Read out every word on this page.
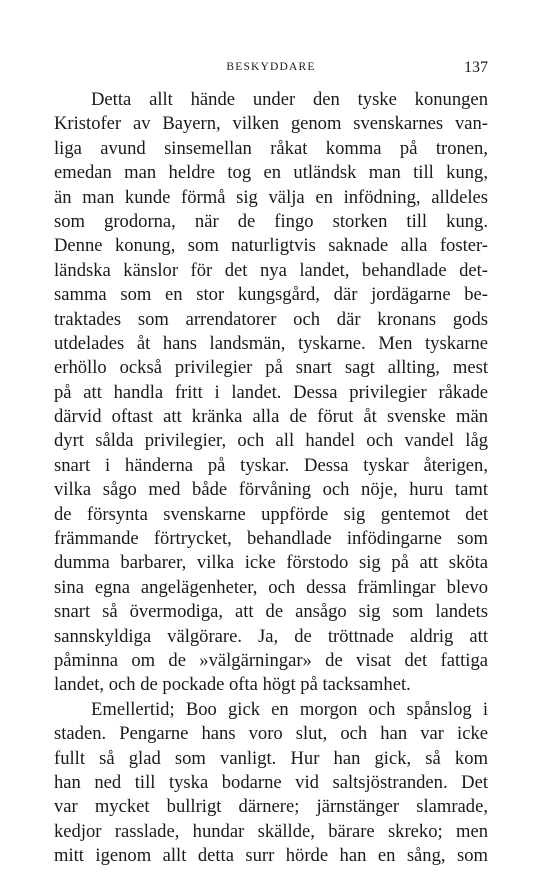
BESKYDDARE	137
Detta allt hände under den tyske konungen
Kristofer av Bayern, vilken genom svenskarnes van-
liga avund sinsemellan råkat komma på tronen,
emedan man heldre tog en utländsk man till kung,
än man kunde förmå sig välja en infödning, alldeles
som grodorna, när de fingo storken till kung.
Denne konung, som naturligtvis saknade alla foster-
ländska känslor för det nya landet, behandlade det-
samma som en stor kungsgård, där jordägarne be-
traktades som arrendatorer och där kronans gods
utdelades åt hans landsmän, tyskarne. Men tyskarne
erhöllo också privilegier på snart sagt allting, mest
på att handla fritt i landet. Dessa privilegier råkade
därvid oftast att kränka alla de förut åt svenske män
dyrt sålda privilegier, och all handel och vandel låg
snart i händerna på tyskar. Dessa tyskar återigen,
vilka sågo med både förvåning och nöje, huru tamt
de försynta svenskarne uppförde sig gentemot det
främmande förtrycket, behandlade infödingarne som
dumma barbarer, vilka icke förstodo sig på att sköta
sina egna angelägenheter, och dessa främlingar blevo
snart så övermodiga, att de ansågo sig som landets
sannskyldiga välgörare. Ja, de tröttnade aldrig att
påminna om de »välgärningar» de visat det fattiga
landet, och de pockade ofta högt på tacksamhet.
Emellertid; Boo gick en morgon och spånslog i
staden. Pengarne hans voro slut, och han var icke
fullt så glad som vanligt. Hur han gick, så kom
han ned till tyska bodarne vid saltsjöstranden. Det
var mycket bullrigt därnere; järnstänger slamrade,
kedjor rasslade, hundar skällde, bärare skreko; men
mitt igenom allt detta surr hörde han en sång, som
